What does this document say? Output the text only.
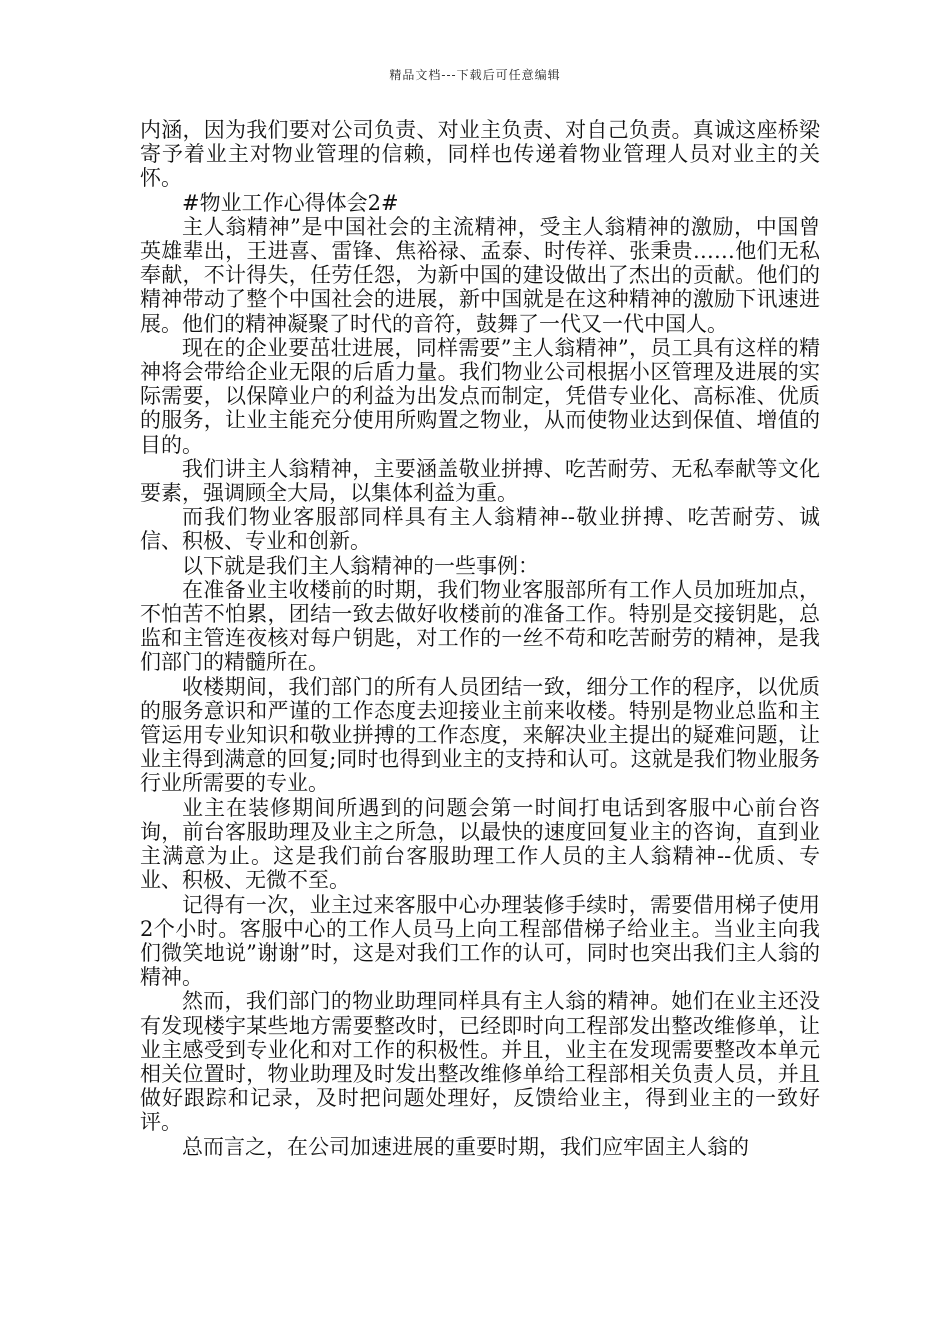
精品文档---下载后可任意编辑

内涵，因为我们要对公司负责、对业主负责、对自己负责。真诚这座桥梁寄予着业主对物业管理的信赖，同样也传递着物业管理人员对业主的关怀。

#物业工作心得体会2#

主人翁精神”是中国社会的主流精神，受主人翁精神的激励，中国曾英雄辈出，王进喜、雷锋、焦裕禄、孟泰、时传祥、张秉贵……他们无私奉献，不计得失，任劳任怨，为新中国的建设做出了杰出的贡献。他们的精神带动了整个中国社会的进展，新中国就是在这种精神的激励下讯速进展。他们的精神凝聚了时代的音符，鼓舞了一代又一代中国人。

现在的企业要茁壮进展，同样需要”主人翁精神”，员工具有这样的精神将会带给企业无限的后盾力量。我们物业公司根据小区管理及进展的实际需要，以保障业户的利益为出发点而制定，凭借专业化、高标准、优质的服务，让业主能充分使用所购置之物业，从而使物业达到保值、增值的目的。

我们讲主人翁精神，主要涵盖敬业拼搏、吃苦耐劳、无私奉献等文化要素，强调顾全大局，以集体利益为重。

而我们物业客服部同样具有主人翁精神--敬业拼搏、吃苦耐劳、诚信、积极、专业和创新。

以下就是我们主人翁精神的一些事例：

在准备业主收楼前的时期，我们物业客服部所有工作人员加班加点，不怕苦不怕累，团结一致去做好收楼前的准备工作。特别是交接钥匙，总监和主管连夜核对每户钥匙，对工作的一丝不苟和吃苦耐劳的精神，是我们部门的精髓所在。

收楼期间，我们部门的所有人员团结一致，细分工作的程序，以优质的服务意识和严谨的工作态度去迎接业主前来收楼。特别是物业总监和主管运用专业知识和敬业拼搏的工作态度，来解决业主提出的疑难问题，让业主得到满意的回复;同时也得到业主的支持和认可。这就是我们物业服务行业所需要的专业。

业主在装修期间所遇到的问题会第一时间打电话到客服中心前台咨询，前台客服助理及业主之所急，以最快的速度回复业主的咨询，直到业主满意为止。这是我们前台客服助理工作人员的主人翁精神--优质、专业、积极、无微不至。

记得有一次，业主过来客服中心办理装修手续时，需要借用梯子使用2个小时。客服中心的工作人员马上向工程部借梯子给业主。当业主向我们微笑地说”谢谢”时，这是对我们工作的认可，同时也突出我们主人翁的精神。

然而，我们部门的物业助理同样具有主人翁的精神。她们在业主还没有发现楼宇某些地方需要整改时，已经即时向工程部发出整改维修单，让业主感受到专业化和对工作的积极性。并且，业主在发现需要整改本单元相关位置时，物业助理及时发出整改维修单给工程部相关负责人员，并且做好跟踪和记录，及时把问题处理好，反馈给业主，得到业主的一致好评。

总而言之，在公司加速进展的重要时期，我们应牢固主人翁的
